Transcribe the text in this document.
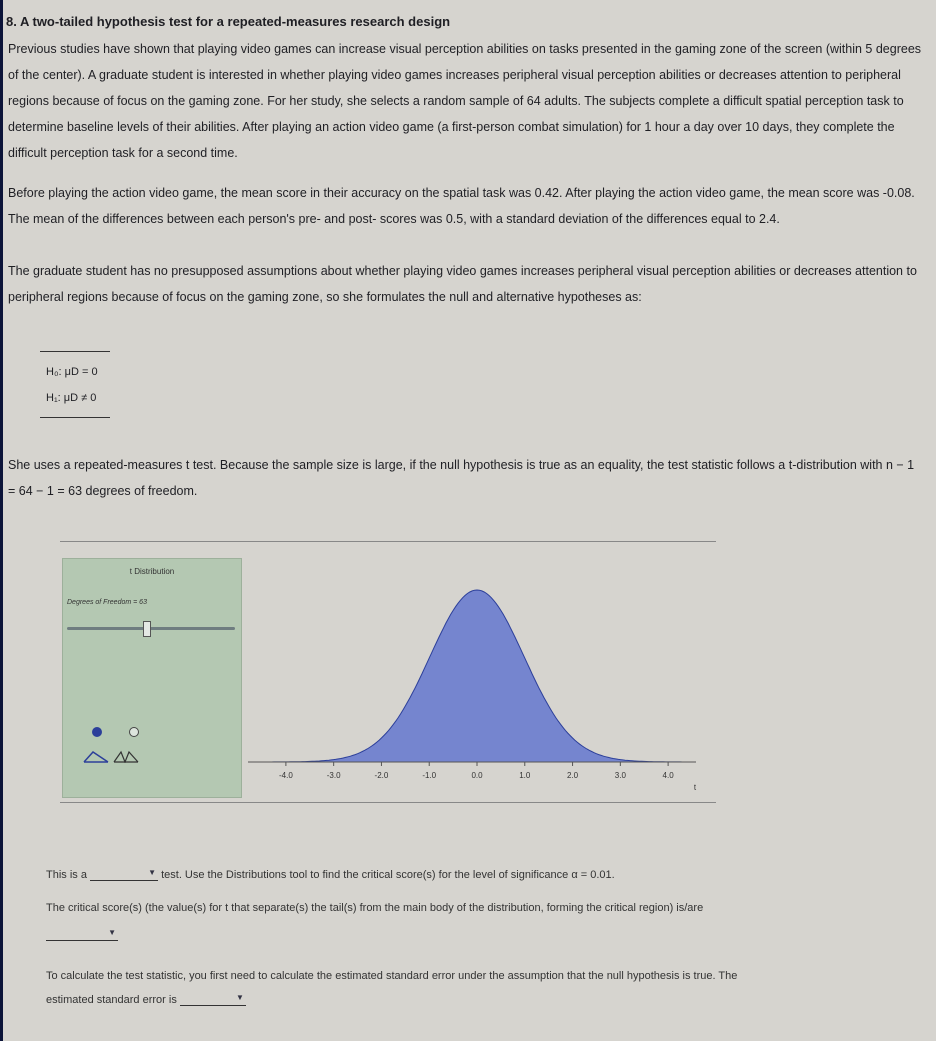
8. A two-tailed hypothesis test for a repeated-measures research design
Previous studies have shown that playing video games can increase visual perception abilities on tasks presented in the gaming zone of the screen (within 5 degrees of the center). A graduate student is interested in whether playing video games increases peripheral visual perception abilities or decreases attention to peripheral regions because of focus on the gaming zone. For her study, she selects a random sample of 64 adults. The subjects complete a difficult spatial perception task to determine baseline levels of their abilities. After playing an action video game (a first-person combat simulation) for 1 hour a day over 10 days, they complete the difficult perception task for a second time.
Before playing the action video game, the mean score in their accuracy on the spatial task was 0.42. After playing the action video game, the mean score was -0.08. The mean of the differences between each person's pre- and post- scores was 0.5, with a standard deviation of the differences equal to 2.4.
The graduate student has no presupposed assumptions about whether playing video games increases peripheral visual perception abilities or decreases attention to peripheral regions because of focus on the gaming zone, so she formulates the null and alternative hypotheses as:
H₀: μD = 0
H₁: μD ≠ 0
She uses a repeated-measures t test. Because the sample size is large, if the null hypothesis is true as an equality, the test statistic follows a t-distribution with n − 1 = 64 − 1 = 63 degrees of freedom.
t Distribution
Degrees of Freedom = 63
-4.0	-3.0	-2.0	-1.0	0.0	1.0	2.0	3.0	4.0
t
This is a	▼ test. Use the Distributions tool to find the critical score(s) for the level of significance α = 0.01.
The critical score(s) (the value(s) for t that separate(s) the tail(s) from the main body of the distribution, forming the critical region) is/are
▼
To calculate the test statistic, you first need to calculate the estimated standard error under the assumption that the null hypothesis is true. The
estimated standard error is	▼
